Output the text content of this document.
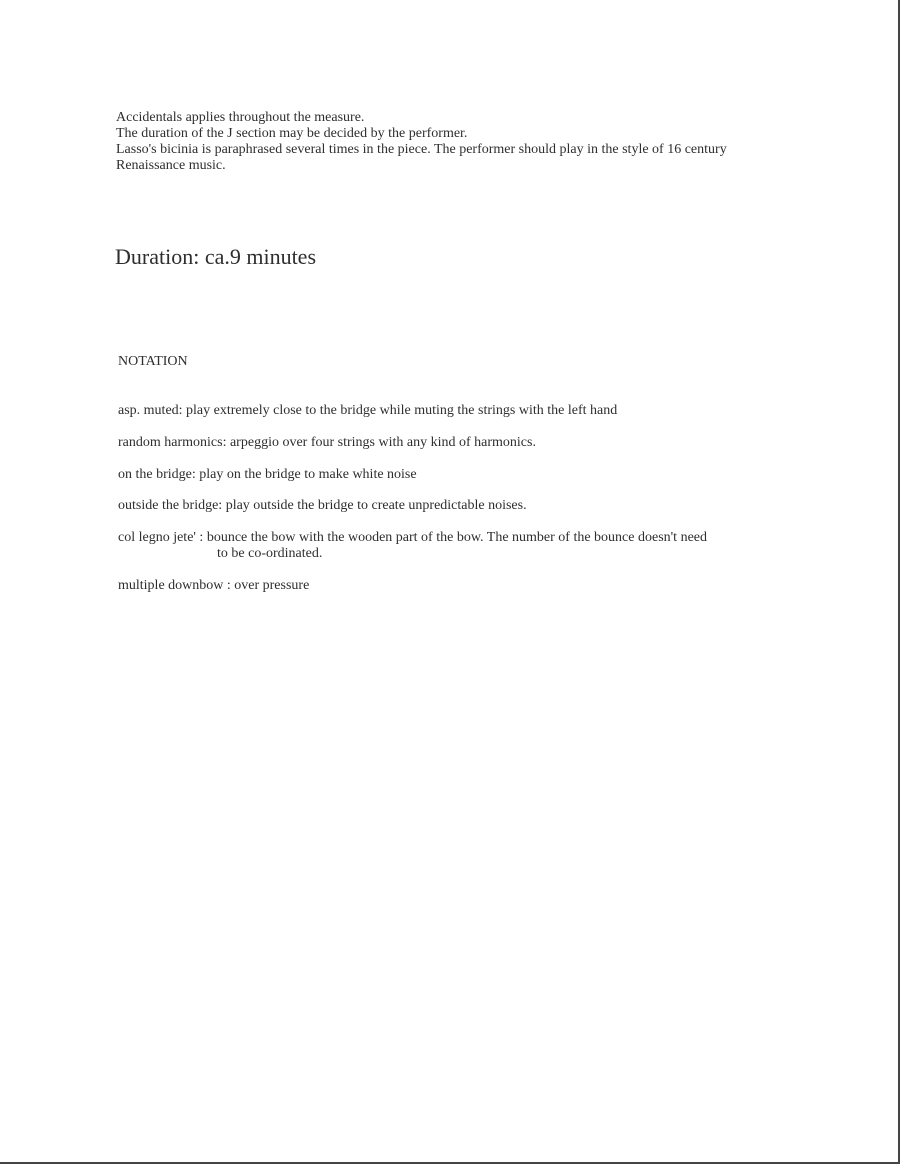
Accidentals applies throughout the measure.
The duration of the J section may be decided by the performer.
Lasso's bicinia is paraphrased several times in the piece. The performer should play in the style of 16 century
Renaissance music.
Duration: ca.9 minutes
NOTATION
asp. muted: play extremely close to the bridge while muting the strings with the left hand
random harmonics: arpeggio over four strings with any kind of harmonics.
on the bridge: play on the bridge to make white noise
outside the bridge: play outside the bridge to create unpredictable noises.
col legno jete' : bounce the bow with the wooden part of the bow. The number of the bounce doesn't need
to be co-ordinated.
multiple downbow : over pressure
